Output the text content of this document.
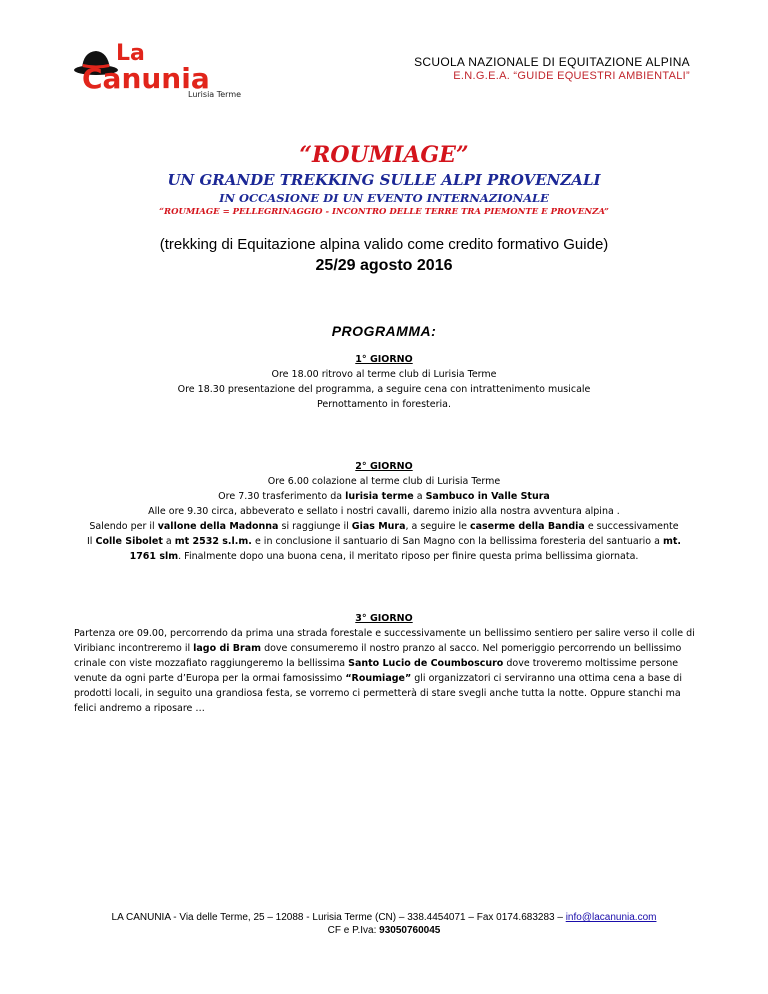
La
Canunia
Lurisia Terme
SCUOLA NAZIONALE DI EQUITAZIONE ALPINA
E.N.G.E.A. “GUIDE EQUESTRI AMBIENTALI”
“ROUMIAGE”
UN GRANDE TREKKING SULLE ALPI PROVENZALI
IN OCCASIONE DI UN EVENTO INTERNAZIONALE
“ROUMIAGE = PELLEGRINAGGIO - INCONTRO DELLE TERRE TRA PIEMONTE E PROVENZA”
(trekking di Equitazione alpina valido come credito formativo Guide)
25/29 agosto 2016
PROGRAMMA:

1° GIORNO

Ore 18.00 ritrovo al terme club di Lurisia Terme

Ore 18.30 presentazione del programma, a seguire cena con intrattenimento musicale

Pernottamento in foresteria.

2° GIORNO

Ore 6.00 colazione al terme club di Lurisia Terme

Ore 7.30 trasferimento da lurisia terme a Sambuco in Valle Stura

Alle ore 9.30 circa, abbeverato e sellato i nostri cavalli, daremo inizio alla nostra avventura alpina .

Salendo per il vallone della Madonna si raggiunge il Gias Mura, a seguire le caserme della Bandia e successivamente

Il Colle Sibolet a mt 2532 s.l.m. e in conclusione il santuario di San Magno con la bellissima foresteria del santuario a mt.

1761 slm. Finalmente dopo una buona cena, il meritato riposo per finire questa prima bellissima giornata.

3° GIORNO

Partenza ore 09.00, percorrendo da prima una strada forestale e successivamente un bellissimo sentiero per salire verso il colle di Viribianc incontreremo il lago di Bram dove consumeremo il nostro pranzo al sacco. Nel pomeriggio percorrendo un bellissimo crinale con viste mozzafiato raggiungeremo la bellissima Santo Lucio de Coumboscuro dove troveremo moltissime persone venute da ogni parte d’Europa per la ormai famosissimo “Roumiage” gli organizzatori ci serviranno una ottima cena a base di prodotti locali, in seguito una grandiosa festa, se vorremo ci permetterà di stare svegli anche tutta la notte. Oppure stanchi ma felici andremo a riposare …

LA CANUNIA - Via delle Terme, 25 – 12088 - Lurisia Terme (CN) – 338.4454071 – Fax 0174.683283 – info@lacanunia.com
CF e P.Iva: 93050760045
